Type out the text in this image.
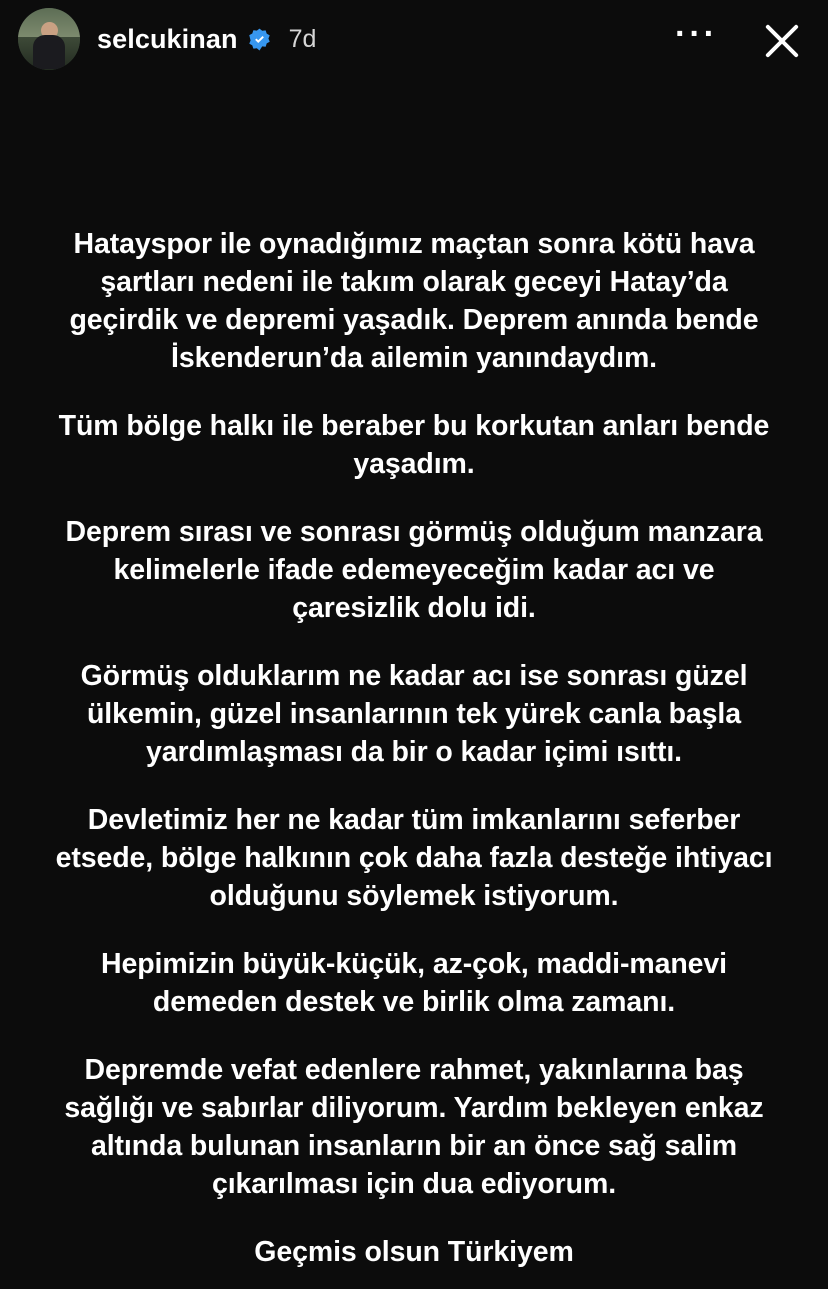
selcukinan 7d	···

Hatayspor ile oynadığımız maçtan sonra kötü hava şartları nedeni ile takım olarak geceyi Hatay’da geçirdik ve depremi yaşadık. Deprem anında bende İskenderun’da ailemin yanındaydım.

Tüm bölge halkı ile beraber bu korkutan anları bende yaşadım.

Deprem sırası ve sonrası görmüş olduğum manzara kelimelerle ifade edemeyeceğim kadar acı ve çaresizlik dolu idi.

Görmüş olduklarım ne kadar acı ise sonrası güzel ülkemin, güzel insanlarının tek yürek canla başla yardımlaşması da bir o kadar içimi ısıttı.

Devletimiz her ne kadar tüm imkanlarını seferber etsede, bölge halkının çok daha fazla desteğe ihtiyacı olduğunu söylemek istiyorum.

Hepimizin büyük-küçük, az-çok, maddi-manevi demeden destek ve birlik olma zamanı.

Depremde vefat edenlere rahmet, yakınlarına baş sağlığı ve sabırlar diliyorum. Yardım bekleyen enkaz altında bulunan insanların bir an önce sağ salim çıkarılması için dua ediyorum.

Geçmis olsun Türkiyem
